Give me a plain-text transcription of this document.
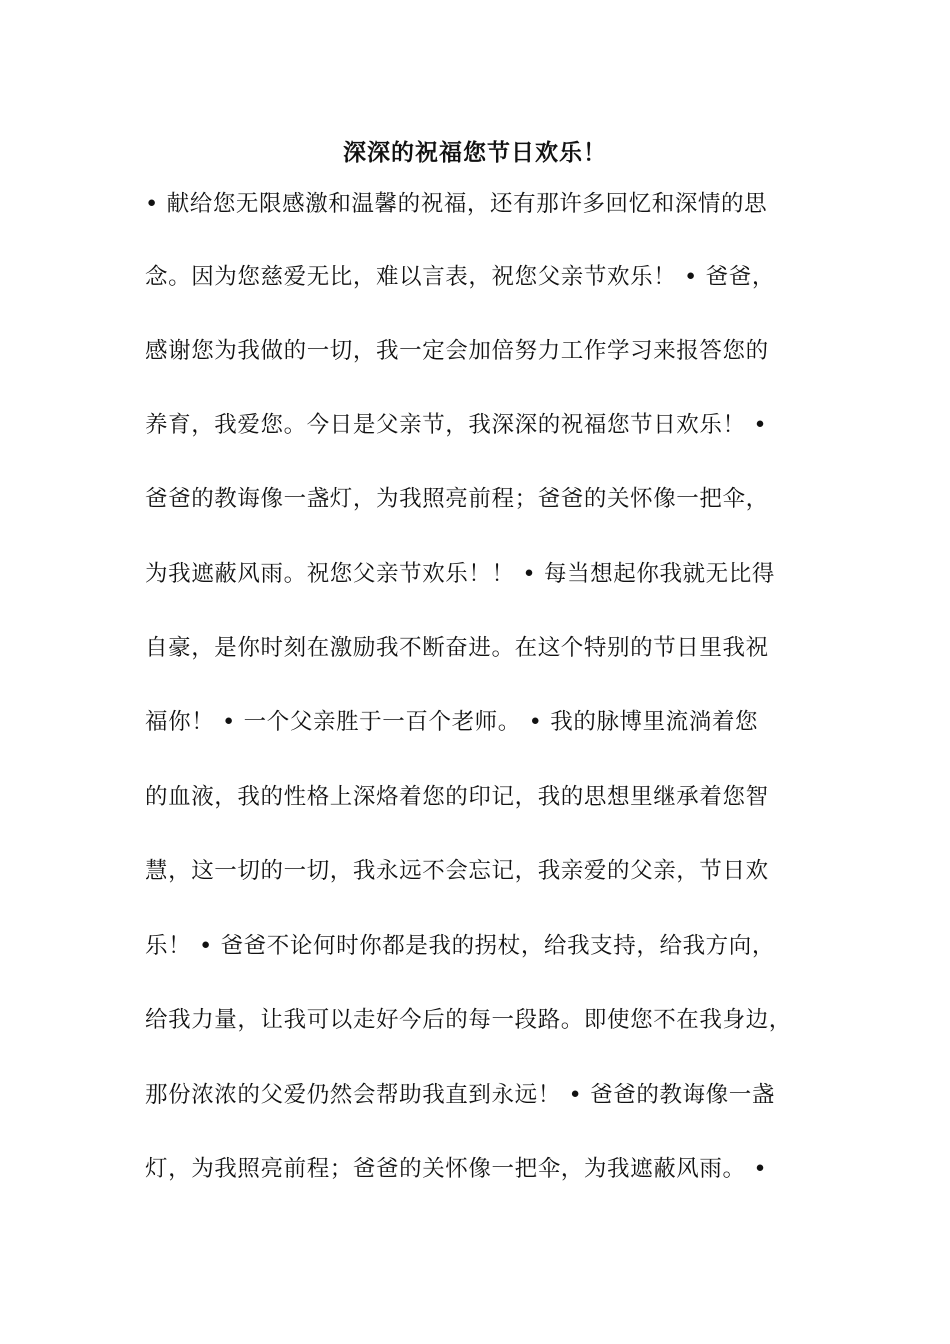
深深的祝福您节日欢乐！
• 献给您无限感激和温馨的祝福，还有那许多回忆和深情的思
念。因为您慈爱无比，难以言表，祝您父亲节欢乐！ • 爸爸，
感谢您为我做的一切，我一定会加倍努力工作学习来报答您的
养育，我爱您。今日是父亲节，我深深的祝福您节日欢乐！ •
爸爸的教诲像一盏灯，为我照亮前程；爸爸的关怀像一把伞，
为我遮蔽风雨。祝您父亲节欢乐！！ • 每当想起你我就无比得
自豪，是你时刻在激励我不断奋进。在这个特别的节日里我祝
福你！ • 一个父亲胜于一百个老师。 • 我的脉博里流淌着您
的血液，我的性格上深烙着您的印记，我的思想里继承着您智
慧，这一切的一切，我永远不会忘记，我亲爱的父亲，节日欢
乐！ • 爸爸不论何时你都是我的拐杖，给我支持，给我方向，
给我力量，让我可以走好今后的每一段路。即使您不在我身边，
那份浓浓的父爱仍然会帮助我直到永远！ • 爸爸的教诲像一盏
灯，为我照亮前程；爸爸的关怀像一把伞，为我遮蔽风雨。 •
